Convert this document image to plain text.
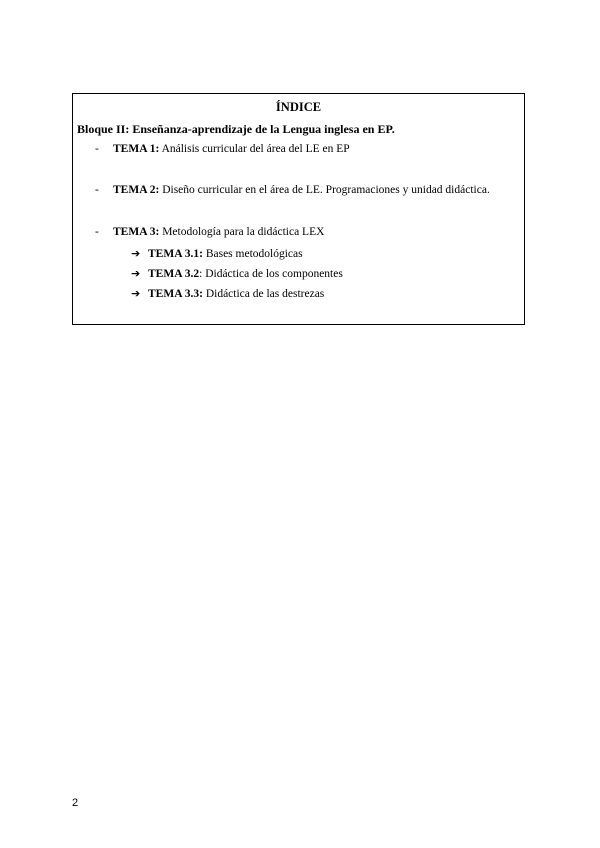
ÍNDICE
Bloque II: Enseñanza-aprendizaje de la Lengua inglesa en EP.
- TEMA 1: Análisis curricular del área del LE en EP
- TEMA 2: Diseño curricular en el área de LE. Programaciones y unidad didáctica.
- TEMA 3: Metodología para la didáctica LEX
➔ TEMA 3.1: Bases metodológicas
➔ TEMA 3.2: Didáctica de los componentes
➔ TEMA 3.3: Didáctica de las destrezas
2
